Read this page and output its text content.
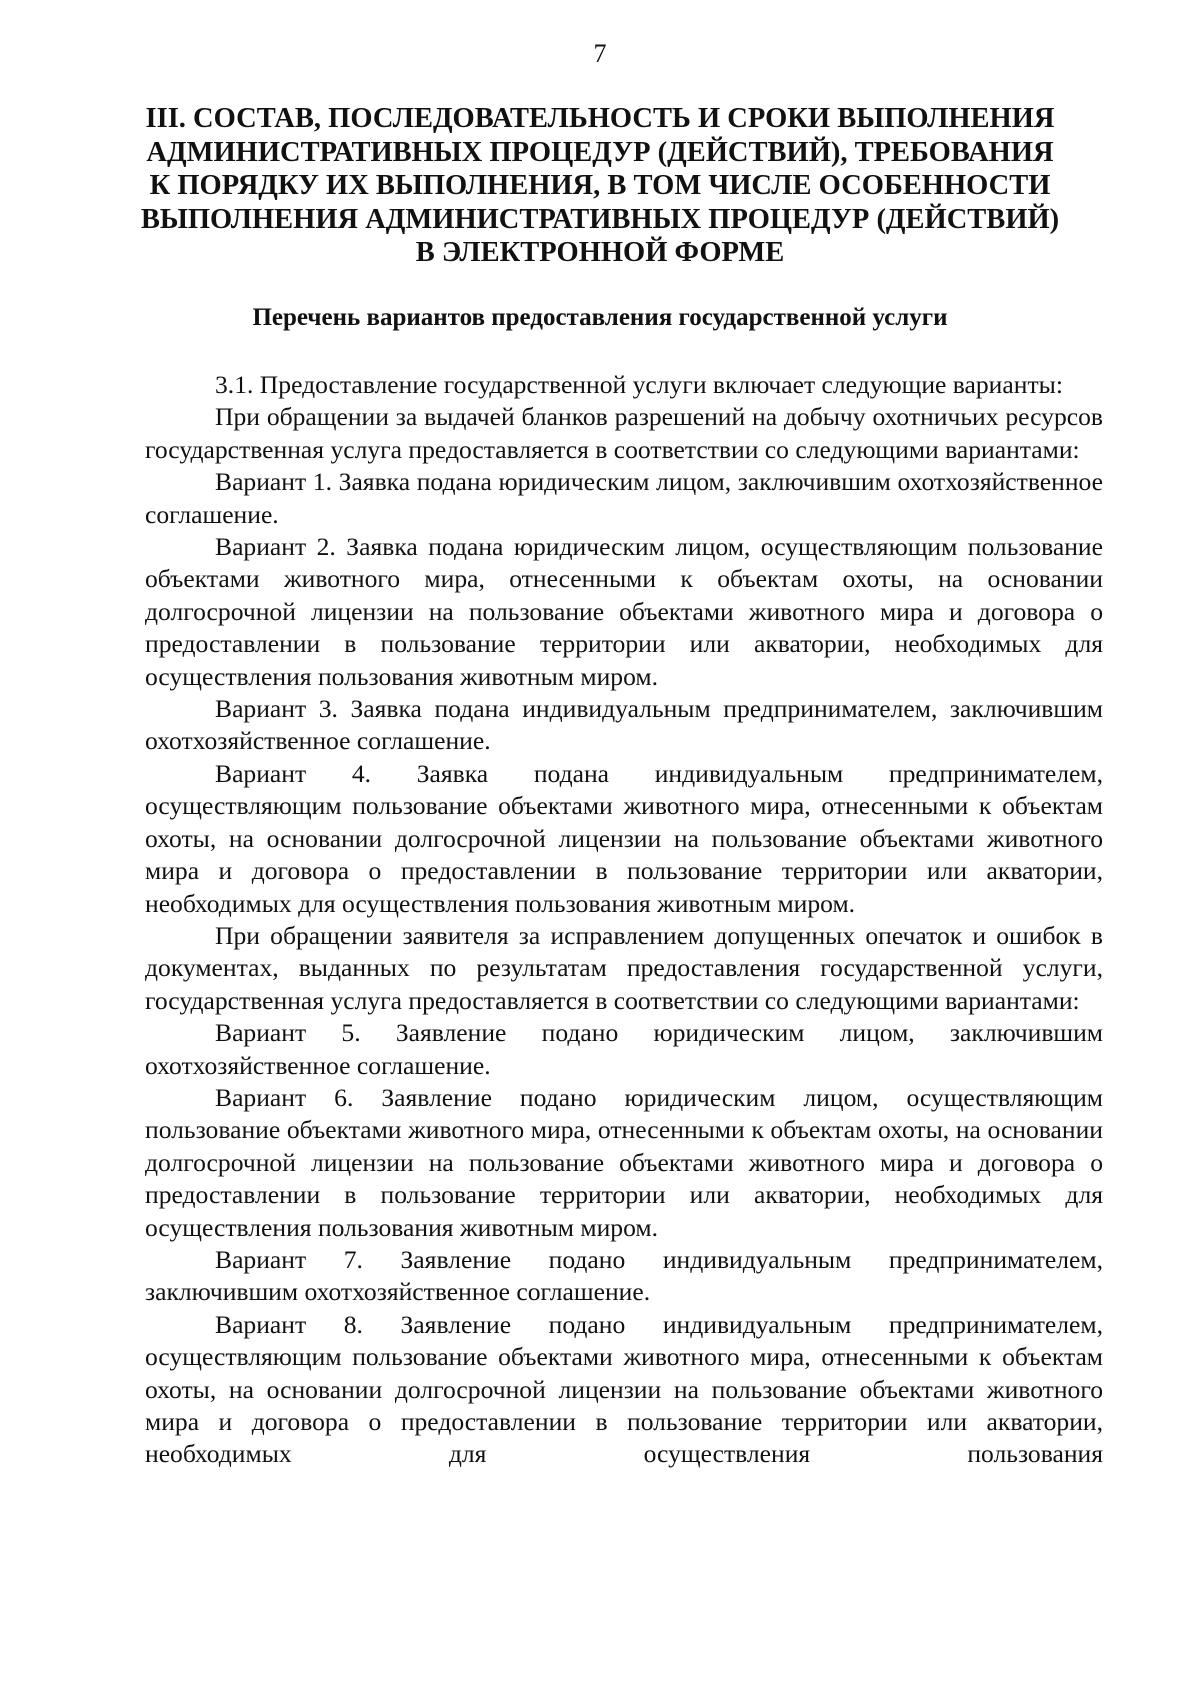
7
III. СОСТАВ, ПОСЛЕДОВАТЕЛЬНОСТЬ И СРОКИ ВЫПОЛНЕНИЯ
АДМИНИСТРАТИВНЫХ ПРОЦЕДУР (ДЕЙСТВИЙ), ТРЕБОВАНИЯ
К ПОРЯДКУ ИХ ВЫПОЛНЕНИЯ, В ТОМ ЧИСЛЕ ОСОБЕННОСТИ
ВЫПОЛНЕНИЯ АДМИНИСТРАТИВНЫХ ПРОЦЕДУР (ДЕЙСТВИЙ)
В ЭЛЕКТРОННОЙ ФОРМЕ
Перечень вариантов предоставления государственной услуги

3.1. Предоставление государственной услуги включает следующие варианты:

При обращении за выдачей бланков разрешений на добычу охотничьих ресурсов государственная услуга предоставляется в соответствии со следующими вариантами:

Вариант 1. Заявка подана юридическим лицом, заключившим охотхозяйственное соглашение.

Вариант 2. Заявка подана юридическим лицом, осуществляющим пользование объектами животного мира, отнесенными к объектам охоты, на основании долгосрочной лицензии на пользование объектами животного мира и договора о предоставлении в пользование территории или акватории, необходимых для осуществления пользования животным миром.

Вариант 3. Заявка подана индивидуальным предпринимателем, заключившим охотхозяйственное соглашение.

Вариант 4. Заявка подана индивидуальным предпринимателем, осуществляющим пользование объектами животного мира, отнесенными к объектам охоты, на основании долгосрочной лицензии на пользование объектами животного мира и договора о предоставлении в пользование территории или акватории, необходимых для осуществления пользования животным миром.

При обращении заявителя за исправлением допущенных опечаток и ошибок в документах, выданных по результатам предоставления государственной услуги, государственная услуга предоставляется в соответствии со следующими вариантами:

Вариант 5. Заявление подано юридическим лицом, заключившим охотхозяйственное соглашение.

Вариант 6. Заявление подано юридическим лицом, осуществляющим пользование объектами животного мира, отнесенными к объектам охоты, на основании долгосрочной лицензии на пользование объектами животного мира и договора о предоставлении в пользование территории или акватории, необходимых для осуществления пользования животным миром.

Вариант 7. Заявление подано индивидуальным предпринимателем, заключившим охотхозяйственное соглашение.

Вариант 8. Заявление подано индивидуальным предпринимателем, осуществляющим пользование объектами животного мира, отнесенными к объектам охоты, на основании долгосрочной лицензии на пользование объектами животного мира и договора о предоставлении в пользование территории или акватории, необходимых для осуществления пользования
